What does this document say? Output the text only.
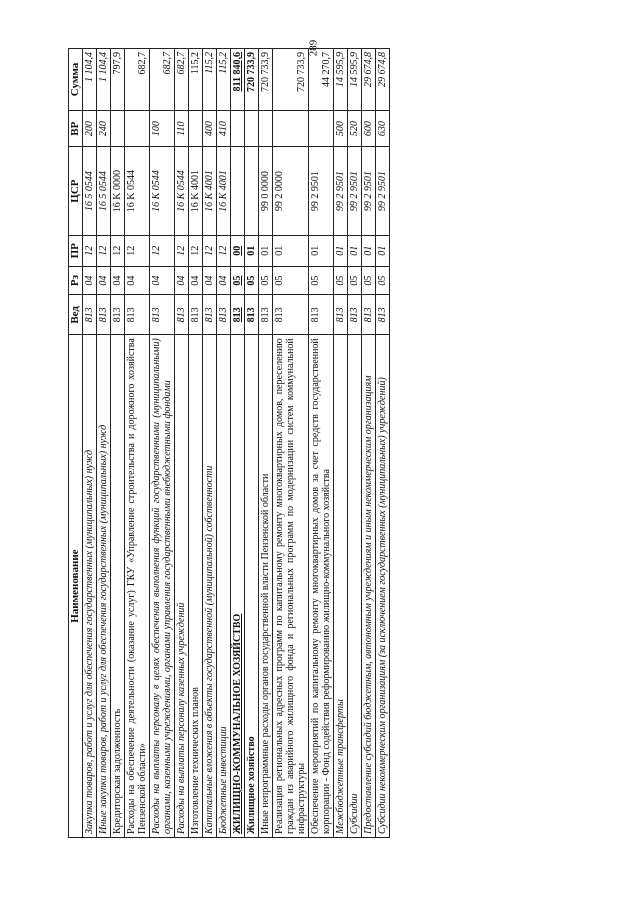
289
Наименование	Вед	Рз	ПР	ЦСР	ВР	Сумма
Закупка товаров, работ и услуг для обеспечения государственных (муниципальных) нужд	813	04	12	16 5 0544	200	1 104,4
Иные закупки товаров, работ и услуг для обеспечения государственных (муниципальных) нужд	813	04	12	16 5 0544	240	1 104,4
Кредиторская задолженность	813	04	12	16 K 0000		797,9
Расходы на обеспечение деятельности (оказание услуг) ГКУ «Управление строительства и дорожного хозяйства Пензенской области»	813	04	12	16 K 0544		682,7
Расходы на выплаты персоналу в целях обеспечения выполнения функций государственными (муниципальными) органами, казенными учреждениями, органами управления государственными внебюджетными фондами	813	04	12	16 K 0544	100	682,7
Расходы на выплаты персоналу казенных учреждений	813	04	12	16 K 0544	110	682,7
Изготовление технических планов	813	04	12	16 K 4001		115,2
Капитальные вложения в объекты государственной (муниципальной) собственности	813	04	12	16 K 4001	400	115,2
Бюджетные инвестиции	813	04	12	16 K 4001	410	115,2
ЖИЛИЩНО-КОММУНАЛЬНОЕ ХОЗЯЙСТВО	813	05	00			811 840,6
Жилищное хозяйство	813	05	01			720 733,9
Иные непрограммные расходы органов государственной власти Пензенской области	813	05	01	99 0 0000		720 733,9
Реализация региональных адресных программ по капитальному ремонту многоквартирных домов, переселению граждан из аварийного жилищного фонда и региональных программ по модернизации систем коммунальной инфраструктуры	813	05	01	99 2 0000		720 733,9
Обеспечение мероприятий по капитальному ремонту многоквартирных домов за счет средств государственной корпорации - Фонд содействия реформированию жилищно-коммунального хозяйства	813	05	01	99 2 9501		44 270,7
Межбюджетные трансферты	813	05	01	99 2 9501	500	14 595,9
Субсидии	813	05	01	99 2 9501	520	14 595,9
Предоставление субсидий бюджетным, автономным учреждениям и иным некоммерческим организациям	813	05	01	99 2 9501	600	29 674,8
Субсидии некоммерческим организациям (за исключением государственных (муниципальных) учреждений)	813	05	01	99 2 9501	630	29 674,8
